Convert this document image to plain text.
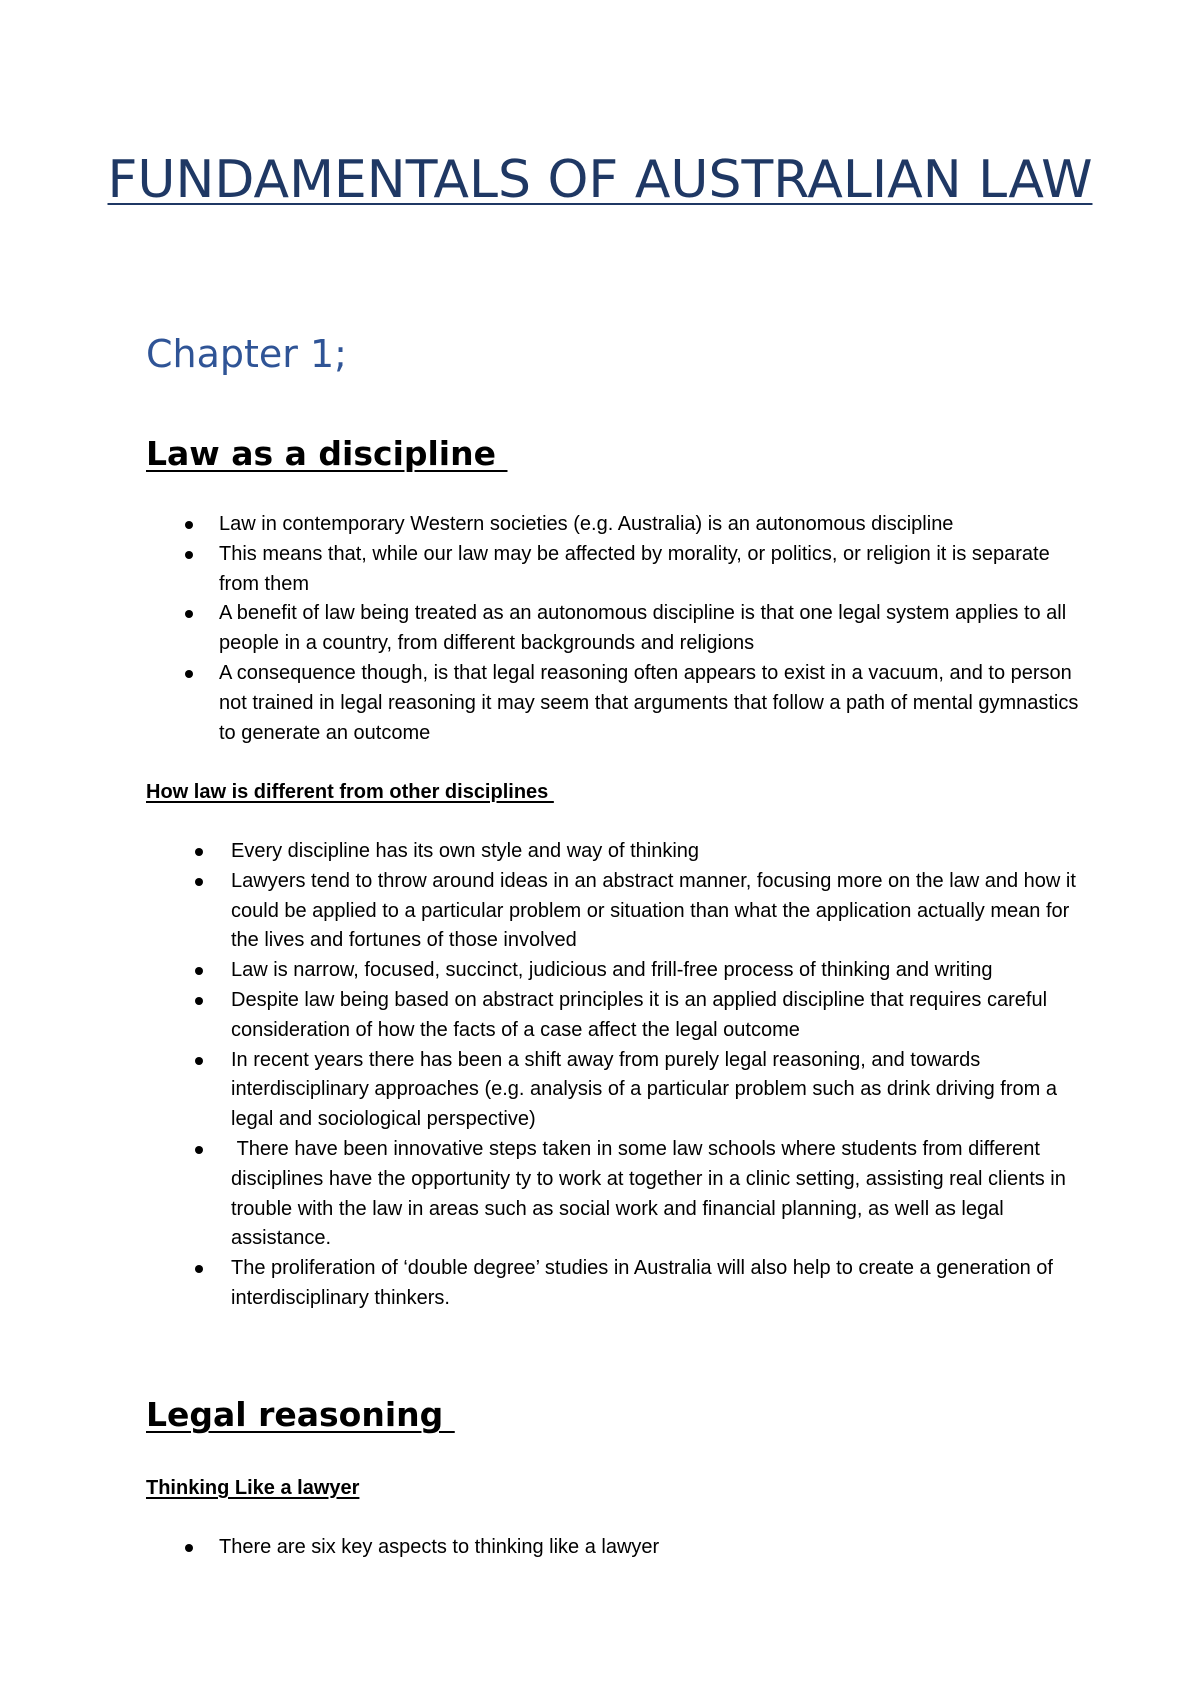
FUNDAMENTALS OF AUSTRALIAN LAW
Chapter 1;
Law as a discipline
Law in contemporary Western societies (e.g. Australia) is an autonomous discipline
This means that, while our law may be affected by morality, or politics, or religion it is separate from them
A benefit of law being treated as an autonomous discipline is that one legal system applies to all people in a country, from different backgrounds and religions
A consequence though, is that legal reasoning often appears to exist in a vacuum, and to person not trained in legal reasoning it may seem that arguments that follow a path of mental gymnastics to generate an outcome
How law is different from other disciplines
Every discipline has its own style and way of thinking
Lawyers tend to throw around ideas in an abstract manner, focusing more on the law and how it could be applied to a particular problem or situation than what the application actually mean for the lives and fortunes of those involved
Law is narrow, focused, succinct, judicious and frill-free process of thinking and writing
Despite law being based on abstract principles it is an applied discipline that requires careful consideration of how the facts of a case affect the legal outcome
In recent years there has been a shift away from purely legal reasoning, and towards interdisciplinary approaches (e.g. analysis of a particular problem such as drink driving from a legal and sociological perspective)
There have been innovative steps taken in some law schools where students from different disciplines have the opportunity ty to work at together in a clinic setting, assisting real clients in trouble with the law in areas such as social work and financial planning, as well as legal assistance.
The proliferation of ‘double degree’ studies in Australia will also help to create a generation of interdisciplinary thinkers.
Legal reasoning
Thinking Like a lawyer
There are six key aspects to thinking like a lawyer
